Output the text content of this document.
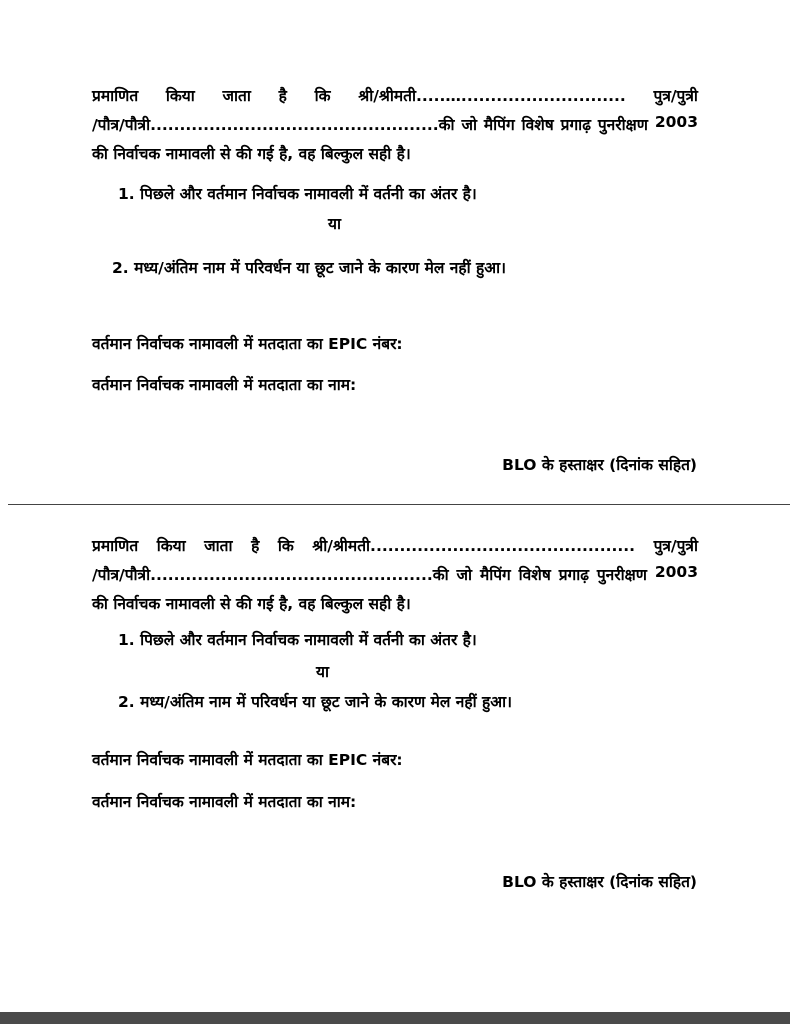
प्रमाणित किया जाता है कि श्री/श्रीमती.....…............................ पुत्र/पुत्री
/पौत्र/पौत्री.................................................की जो मैपिंग विशेष प्रगाढ़ पुनरीक्षण 2003
की निर्वाचक नामावली से की गई है, वह बिल्कुल सही है।
1. पिछले और वर्तमान निर्वाचक नामावली में वर्तनी का अंतर है।
या
2. मध्य/अंतिम नाम में परिवर्धन या छूट जाने के कारण मेल नहीं हुआ।
वर्तमान निर्वाचक नामावली में मतदाता का EPIC नंबर:
वर्तमान निर्वाचक नामावली में मतदाता का नाम:
BLO के हस्ताक्षर (दिनांक सहित)
प्रमाणित किया जाता है कि श्री/श्रीमती............................................. पुत्र/पुत्री
/पौत्र/पौत्री................................................की जो मैपिंग विशेष प्रगाढ़ पुनरीक्षण 2003
की निर्वाचक नामावली से की गई है, वह बिल्कुल सही है।
1. पिछले और वर्तमान निर्वाचक नामावली में वर्तनी का अंतर है।
या
2. मध्य/अंतिम नाम में परिवर्धन या छूट जाने के कारण मेल नहीं हुआ।
वर्तमान निर्वाचक नामावली में मतदाता का EPIC नंबर:
वर्तमान निर्वाचक नामावली में मतदाता का नाम:
BLO के हस्ताक्षर (दिनांक सहित)
